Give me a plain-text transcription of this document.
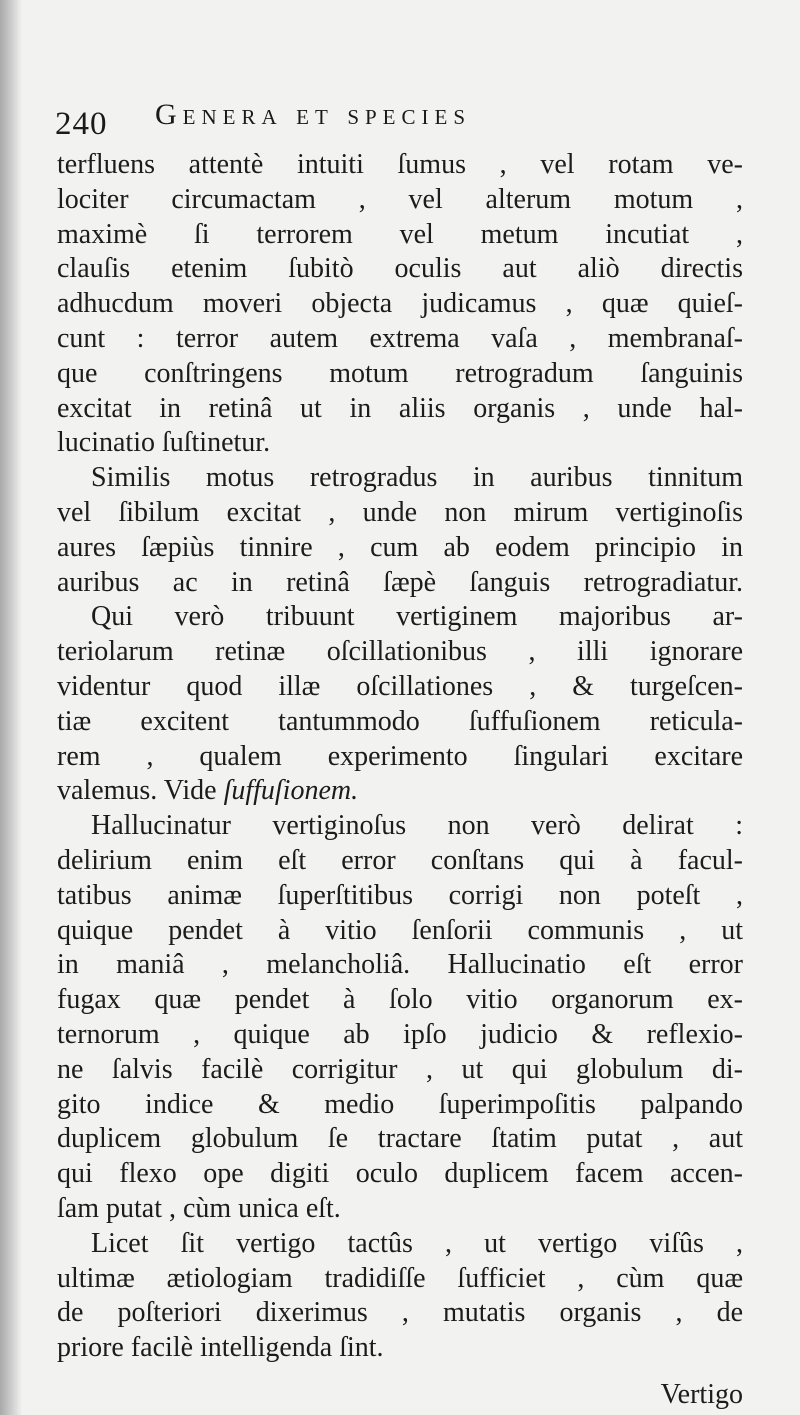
240 Genera et species
terfluens attentè intuiti ſumus , vel rotam ve-
lociter circumactam , vel alterum motum ,
maximè ſi terrorem vel metum incutiat ,
clauſis etenim ſubitò oculis aut aliò directis
adhucdum moveri objecta judicamus , quæ quieſ-
cunt : terror autem extrema vaſa , membranaſ-
que conſtringens motum retrogradum ſanguinis
excitat in retinâ ut in aliis organis , unde hal-
lucinatio ſuſtinetur.
Similis motus retrogradus in auribus tinnitum
vel ſibilum excitat , unde non mirum vertiginoſis
aures ſæpiùs tinnire , cum ab eodem principio in
auribus ac in retinâ ſæpè ſanguis retrogradiatur.
Qui verò tribuunt vertiginem majoribus ar-
teriolarum retinæ oſcillationibus , illi ignorare
videntur quod illæ oſcillationes , & turgeſcen-
tiæ excitent tantummodo ſuffuſionem reticula-
rem , qualem experimento ſingulari excitare
valemus. Vide ſuffuſionem.
Hallucinatur vertiginoſus non verò delirat :
delirium enim eſt error conſtans qui à facul-
tatibus animæ ſuperſtitibus corrigi non poteſt ,
quique pendet à vitio ſenſorii communis , ut
in maniâ , melancholiâ. Hallucinatio eſt error
fugax quæ pendet à ſolo vitio organorum ex-
ternorum , quique ab ipſo judicio & reflexio-
ne ſalvis facilè corrigitur , ut qui globulum di-
gito indice & medio ſuperimpoſitis palpando
duplicem globulum ſe tractare ſtatim putat , aut
qui flexo ope digiti oculo duplicem facem accen-
ſam putat , cùm unica eſt.
Licet ſit vertigo tactûs , ut vertigo viſûs ,
ultimæ ætiologiam tradidiſſe ſufficiet , cùm quæ
de poſteriori dixerimus , mutatis organis , de
priore facilè intelligenda ſint.
Vertigo
